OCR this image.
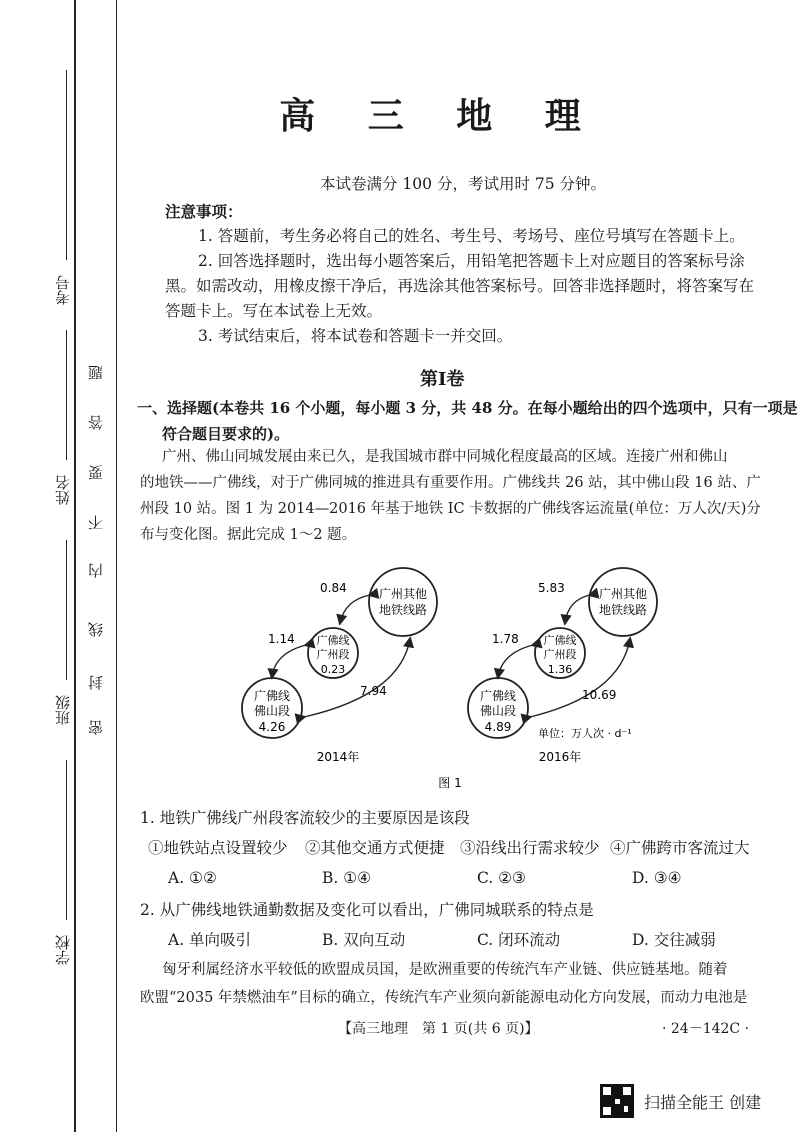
考号
姓名
班级
学校
密
封
线
内
不
要
答
题
高 三 地 理
本试卷满分 100 分，考试用时 75 分钟。
注意事项：
1. 答题前，考生务必将自己的姓名、考生号、考场号、座位号填写在答题卡上。
2. 回答选择题时，选出每小题答案后，用铅笔把答题卡上对应题目的答案标号涂
黑。如需改动，用橡皮擦干净后，再选涂其他答案标号。回答非选择题时，将答案写在
答题卡上。写在本试卷上无效。
3. 考试结束后，将本试卷和答题卡一并交回。
第Ⅰ卷
一、选择题(本卷共 16 个小题，每小题 3 分，共 48 分。在每小题给出的四个选项中，只有一项是
符合题目要求的)。
广州、佛山同城发展由来已久，是我国城市群中同城化程度最高的区域。连接广州和佛山
的地铁——广佛线，对于广佛同城的推进具有重要作用。广佛线共 26 站，其中佛山段 16 站、广
州段 10 站。图 1 为 2014—2016 年基于地铁 IC 卡数据的广佛线客运流量(单位：万人次/天)分
布与变化图。据此完成 1～2 题。
广州其他
地铁线路
广佛线
广州段
0.23
广佛线
佛山段
4.26
0.84
1.14
7.94
2014年
广州其他
地铁线路
广佛线
广州段
1.36
广佛线
佛山段
4.89
5.83
1.78
10.69
单位：万人次 · d⁻¹
2016年
图 1
1. 地铁广佛线广州段客流较少的主要原因是该段
①地铁站点设置较少 ②其他交通方式便捷 ③沿线出行需求较少 ④广佛跨市客流过大
A. ①②	B. ①④	C. ②③	D. ③④
2. 从广佛线地铁通勤数据及变化可以看出，广佛同城联系的特点是
A. 单向吸引	B. 双向互动	C. 闭环流动	D. 交往减弱
匈牙利属经济水平较低的欧盟成员国，是欧洲重要的传统汽车产业链、供应链基地。随着
欧盟“2035 年禁燃油车”目标的确立，传统汽车产业须向新能源电动化方向发展，而动力电池是
【高三地理　第 1 页(共 6 页)】	· 24－142C ·
扫描全能王 创建
